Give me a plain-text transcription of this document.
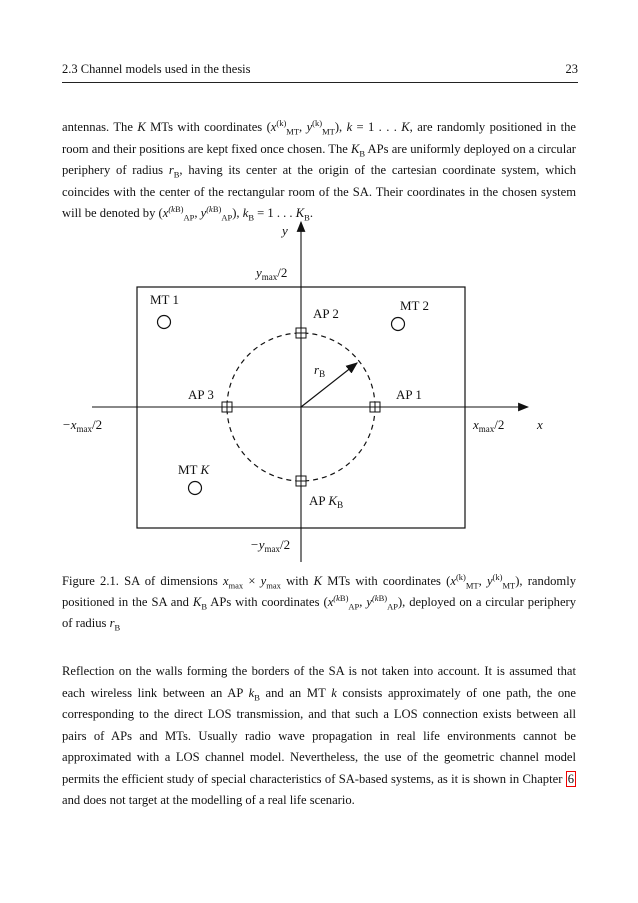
2.3 Channel models used in the thesis	23
antennas. The K MTs with coordinates ($x^{(k)}_{MT}$, $y^{(k)}_{MT}$), k = 1 . . . K, are randomly positioned in the room and their positions are kept fixed once chosen. The $K_B$ APs are uniformly deployed on a circular periphery of radius $r_B$, having its center at the origin of the cartesian coordinate system, which coincides with the center of the rectangular room of the SA. Their coordinates in the chosen system will be denoted by ($x^{(kB)}_{AP}$, $y^{(kB)}_{AP}$), $k_B = 1$ . . . $K_B$.
y
x
$y_{max}/2$
$-y_{max}/2$
$-x_{max}/2$	$x_{max}/2$
$r_B$
MT 1	MT 2
MT K
AP 1
AP 2
AP 3
AP $K_B$
Figure 2.1. SA of dimensions $x_{max} \times y_{max}$ with K MTs with coordinates ($x^{(k)}_{MT}$, $y^{(k)}_{MT}$), randomly positioned in the SA and $K_B$ APs with coordinates ($x^{(kB)}_{AP}$, $y^{(kB)}_{AP}$), deployed on a circular periphery of radius $r_B$
Reflection on the walls forming the borders of the SA is not taken into account. It is assumed that each wireless link between an AP $k_B$ and an MT k consists approximately of one path, the one corresponding to the direct LOS transmission, and that such a LOS connection exists between all pairs of APs and MTs. Usually radio wave propagation in real life environments cannot be approximated with a LOS channel model. Nevertheless, the use of the geometric channel model permits the efficient study of special characteristics of SA-based systems, as it is shown in Chapter 6 and does not target at the modelling of a real life scenario.
